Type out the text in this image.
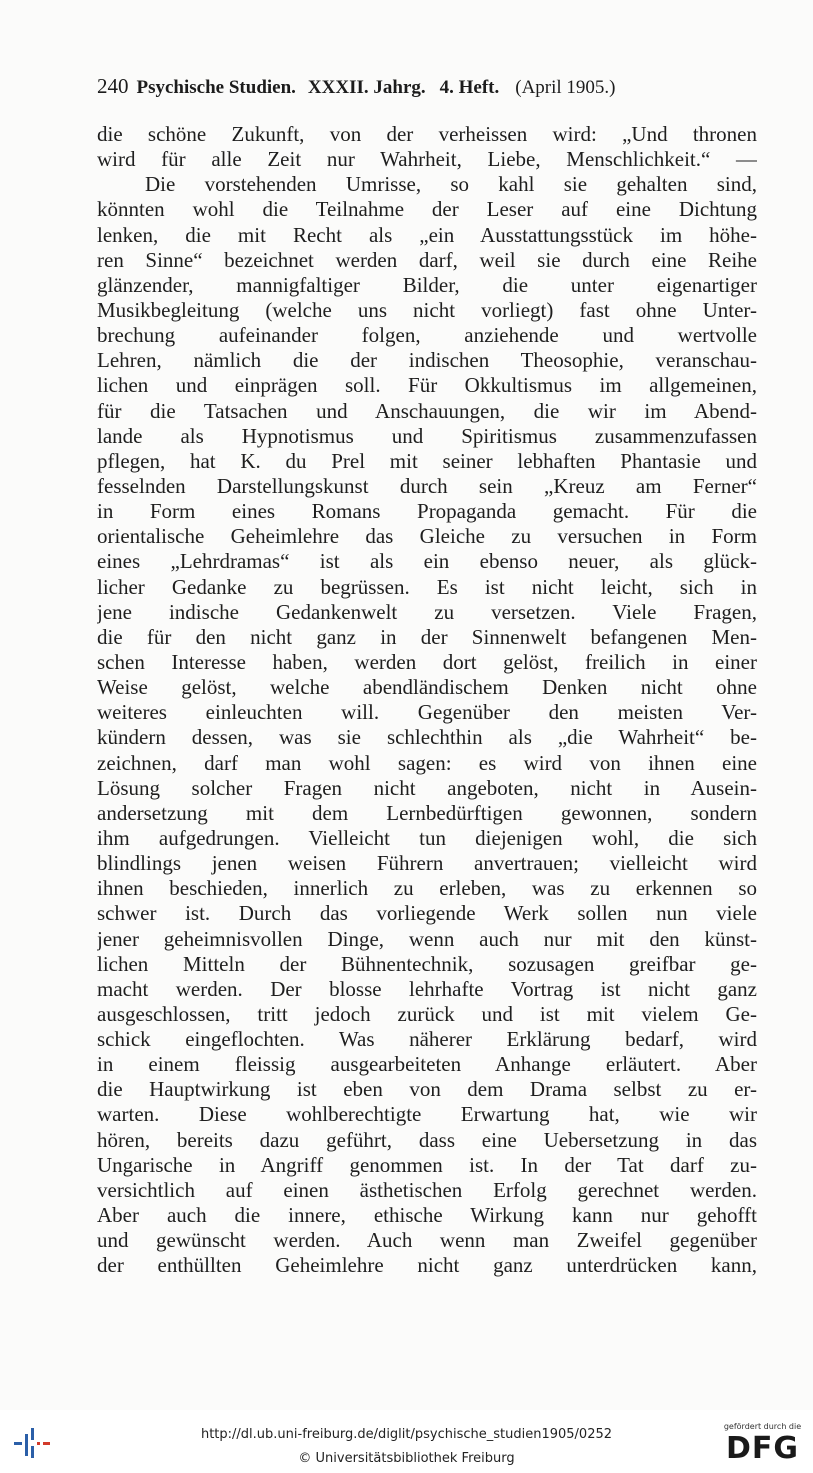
240 Psychische Studien. XXXII. Jahrg. 4. Heft. (April 1905.)
die schöne Zukunft, von der verheissen wird: „Und thronen
wird für alle Zeit nur Wahrheit, Liebe, Menschlichkeit.“ —
Die vorstehenden Umrisse, so kahl sie gehalten sind,
könnten wohl die Teilnahme der Leser auf eine Dichtung
lenken, die mit Recht als „ein Ausstattungsstück im höhe-
ren Sinne“ bezeichnet werden darf, weil sie durch eine Reihe
glänzender, mannigfaltiger Bilder, die unter eigenartiger
Musikbegleitung (welche uns nicht vorliegt) fast ohne Unter-
brechung aufeinander folgen, anziehende und wertvolle
Lehren, nämlich die der indischen Theosophie, veranschau-
lichen und einprägen soll. Für Okkultismus im allgemeinen,
für die Tatsachen und Anschauungen, die wir im Abend-
lande als Hypnotismus und Spiritismus zusammenzufassen
pflegen, hat K. du Prel mit seiner lebhaften Phantasie und
fesselnden Darstellungskunst durch sein „Kreuz am Ferner“
in Form eines Romans Propaganda gemacht. Für die
orientalische Geheimlehre das Gleiche zu versuchen in Form
eines „Lehrdramas“ ist als ein ebenso neuer, als glück-
licher Gedanke zu begrüssen. Es ist nicht leicht, sich in
jene indische Gedankenwelt zu versetzen. Viele Fragen,
die für den nicht ganz in der Sinnenwelt befangenen Men-
schen Interesse haben, werden dort gelöst, freilich in einer
Weise gelöst, welche abendländischem Denken nicht ohne
weiteres einleuchten will. Gegenüber den meisten Ver-
kündern dessen, was sie schlechthin als „die Wahrheit“ be-
zeichnen, darf man wohl sagen: es wird von ihnen eine
Lösung solcher Fragen nicht angeboten, nicht in Ausein-
andersetzung mit dem Lernbedürftigen gewonnen, sondern
ihm aufgedrungen. Vielleicht tun diejenigen wohl, die sich
blindlings jenen weisen Führern anvertrauen; vielleicht wird
ihnen beschieden, innerlich zu erleben, was zu erkennen so
schwer ist. Durch das vorliegende Werk sollen nun viele
jener geheimnisvollen Dinge, wenn auch nur mit den künst-
lichen Mitteln der Bühnentechnik, sozusagen greifbar ge-
macht werden. Der blosse lehrhafte Vortrag ist nicht ganz
ausgeschlossen, tritt jedoch zurück und ist mit vielem Ge-
schick eingeflochten. Was näherer Erklärung bedarf, wird
in einem fleissig ausgearbeiteten Anhange erläutert. Aber
die Hauptwirkung ist eben von dem Drama selbst zu er-
warten. Diese wohlberechtigte Erwartung hat, wie wir
hören, bereits dazu geführt, dass eine Uebersetzung in das
Ungarische in Angriff genommen ist. In der Tat darf zu-
versichtlich auf einen ästhetischen Erfolg gerechnet werden.
Aber auch die innere, ethische Wirkung kann nur gehofft
und gewünscht werden. Auch wenn man Zweifel gegenüber
der enthüllten Geheimlehre nicht ganz unterdrücken kann,
http://dl.ub.uni-freiburg.de/diglit/psychische_studien1905/0252
© Universitätsbibliothek Freiburg
gefördert durch die
DFG
